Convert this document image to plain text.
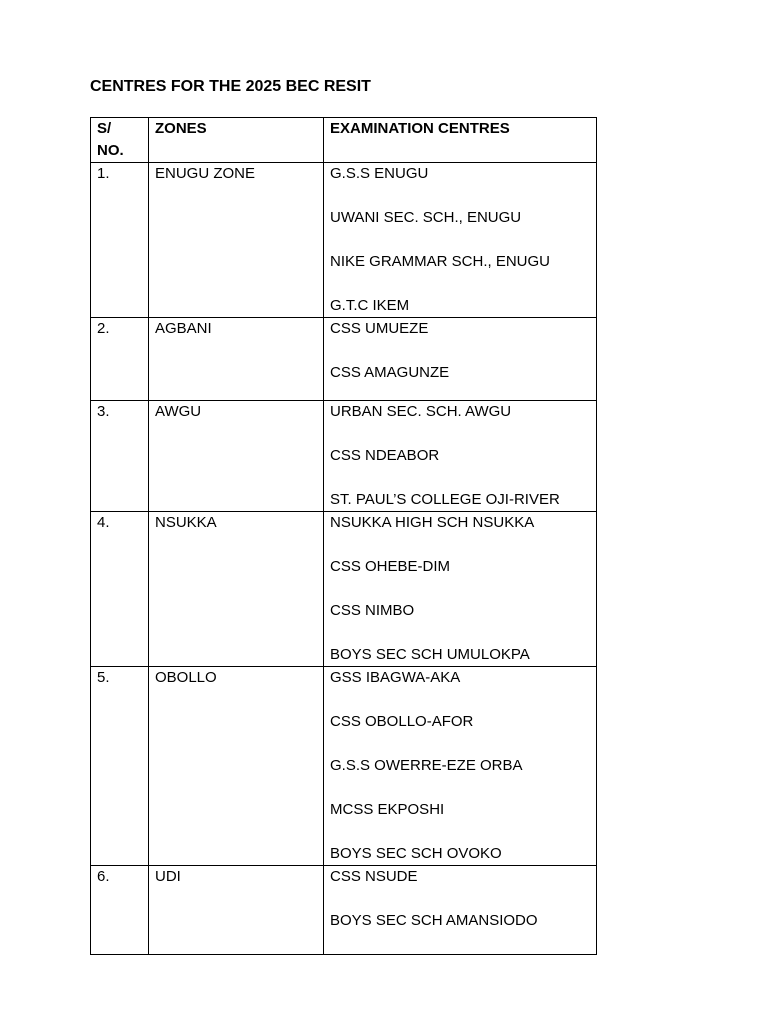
CENTRES FOR THE 2025 BEC RESIT
S/ NO.	ZONES	EXAMINATION CENTRES
1.	ENUGU ZONE	G.S.S ENUGU
UWANI SEC. SCH., ENUGU
NIKE GRAMMAR SCH., ENUGU
G.T.C IKEM

2.	AGBANI	CSS UMUEZE
CSS AMAGUNZE

3.	AWGU	URBAN SEC. SCH. AWGU
CSS NDEABOR
ST. PAUL’S COLLEGE OJI-RIVER

4.	NSUKKA	NSUKKA HIGH SCH NSUKKA
CSS OHEBE-DIM
CSS NIMBO
BOYS SEC SCH UMULOKPA

5.	OBOLLO	GSS IBAGWA-AKA
CSS OBOLLO-AFOR
G.S.S OWERRE-EZE ORBA
MCSS EKPOSHI
BOYS SEC SCH OVOKO

6.	UDI	CSS NSUDE
BOYS SEC SCH AMANSIODO
